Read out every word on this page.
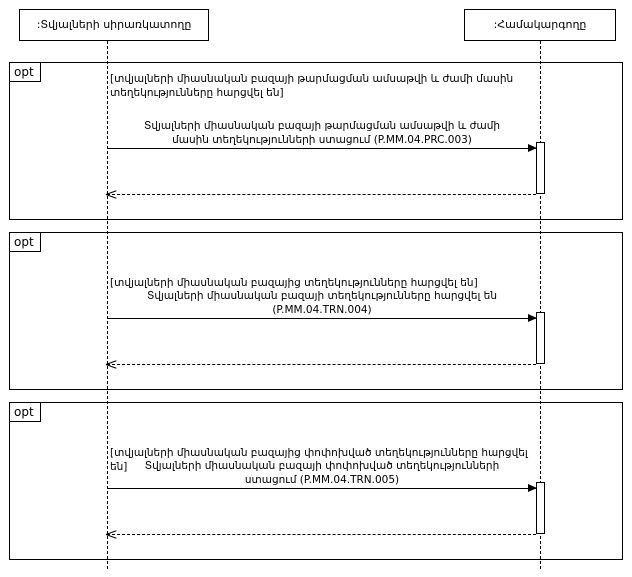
:Տվյալների սիրառկատողը	:Համակարգողը
opt	[տվյալների միասնական բազայի թարմացման ամսաթվի և ժամի մասին տեղեկությունները հարցվել են]
Տվյալների միասնական բազայի թարմացման ամսաթվի և ժամի մասին տեղեկությունների ստացում (P.MM.04.PRC.003)
opt
[տվյալների միասնական բազայից տեղեկությունները հարցվել են]
Տվյալների միասնական բազայի տեղեկությունները հարցվել են (P.MM.04.TRN.004)
opt
[տվյալների միասնական բազայից փոփոխված տեղեկությունները հարցվել են]	Տվյալների միասնական բազայի փոփոխված տեղեկությունների ստացում (P.MM.04.TRN.005)
